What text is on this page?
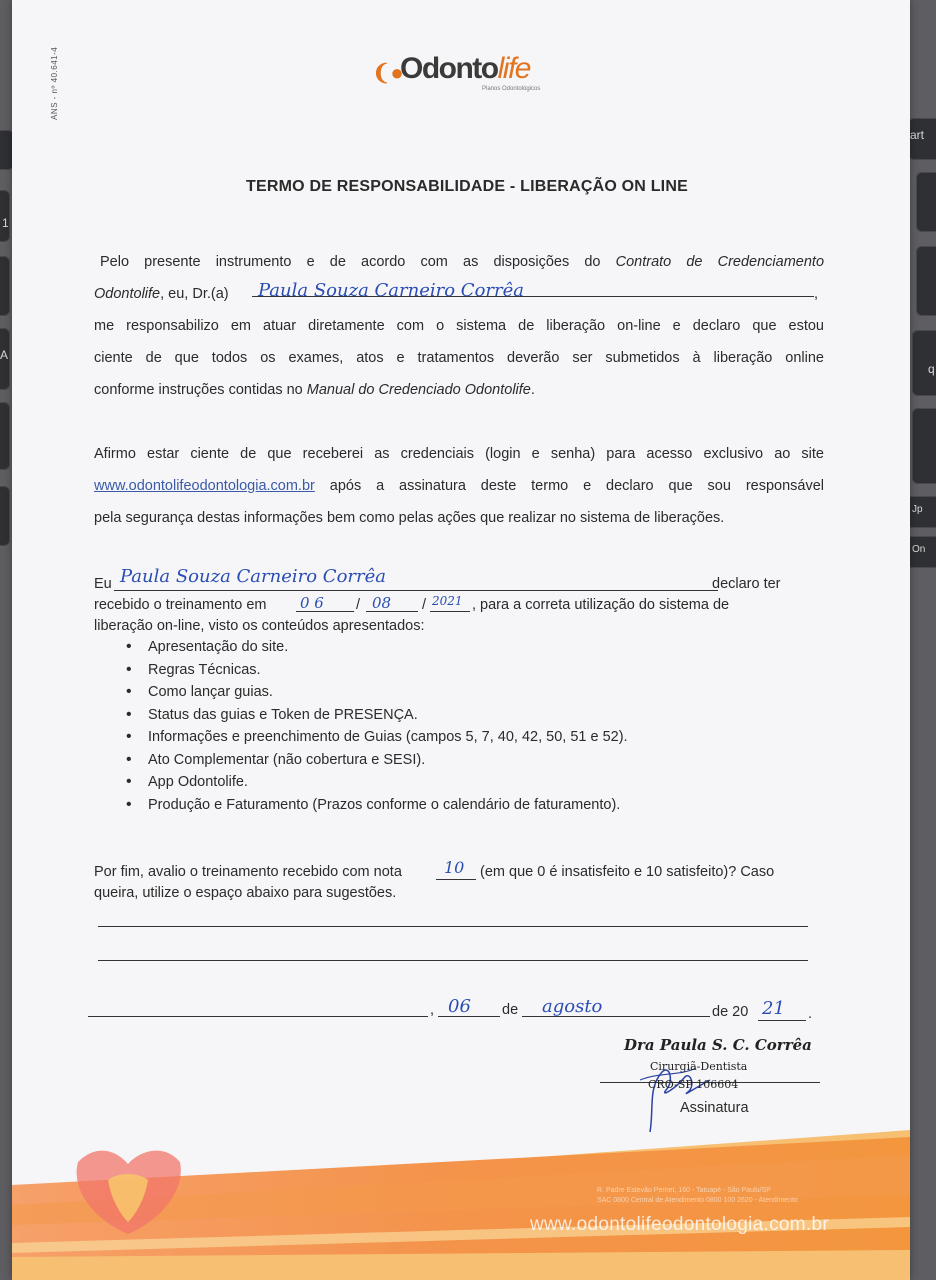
1
A
art
q
Jp
On
ANS - nº 40.641-4	❨●
Odontolife
Planos Odontológicos
TERMO DE RESPONSABILIDADE - LIBERAÇÃO ON LINE
Pelo presente instrumento e de acordo com as disposições do Contrato de Credenciamento
Odontolife, eu, Dr.(a)	,
me responsabilizo em atuar diretamente com o sistema de liberação on-line e declaro que estou
ciente de que todos os exames, atos e tratamentos deverão ser submetidos à liberação online
conforme instruções contidas no Manual do Credenciado Odontolife.
Paula Souza Carneiro Corrêa
Afirmo estar ciente de que receberei as credenciais (login e senha) para acesso exclusivo ao site
www.odontolifeodontologia.com.br após a assinatura deste termo e declaro que sou responsável
pela segurança destas informações bem como pelas ações que realizar no sistema de liberações.
Eu	declaro ter
recebido o treinamento em	/	/	, para a correta utilização do sistema de
liberação on-line, visto os conteúdos apresentados:
Paula Souza Carneiro Corrêa
0 6	08	2021
• Apresentação do site.
• Regras Técnicas.
• Como lançar guias.
• Status das guias e Token de PRESENÇA.
• Informações e preenchimento de Guias (campos 5, 7, 40, 42, 50, 51 e 52).
• Ato Complementar (não cobertura e SESI).
• App Odontolife.
• Produção e Faturamento (Prazos conforme o calendário de faturamento).
Por fim, avalio o treinamento recebido com nota	(em que 0 é insatisfeito e 10 satisfeito)? Caso
queira, utilize o espaço abaixo para sugestões.
10
, 06 de agosto	de 20 21 .
Dra Paula S. C. Corrêa
Cirurgiã-Dentista
CRO-SP 106604
Assinatura
R. Padre Estevão Pernet, 160 - Tatuapé - São Paulo/SP
SAC 0800 Central de Atendimento 0800 100 2620 - Atendimento
www.odontolifeodontologia.com.br
